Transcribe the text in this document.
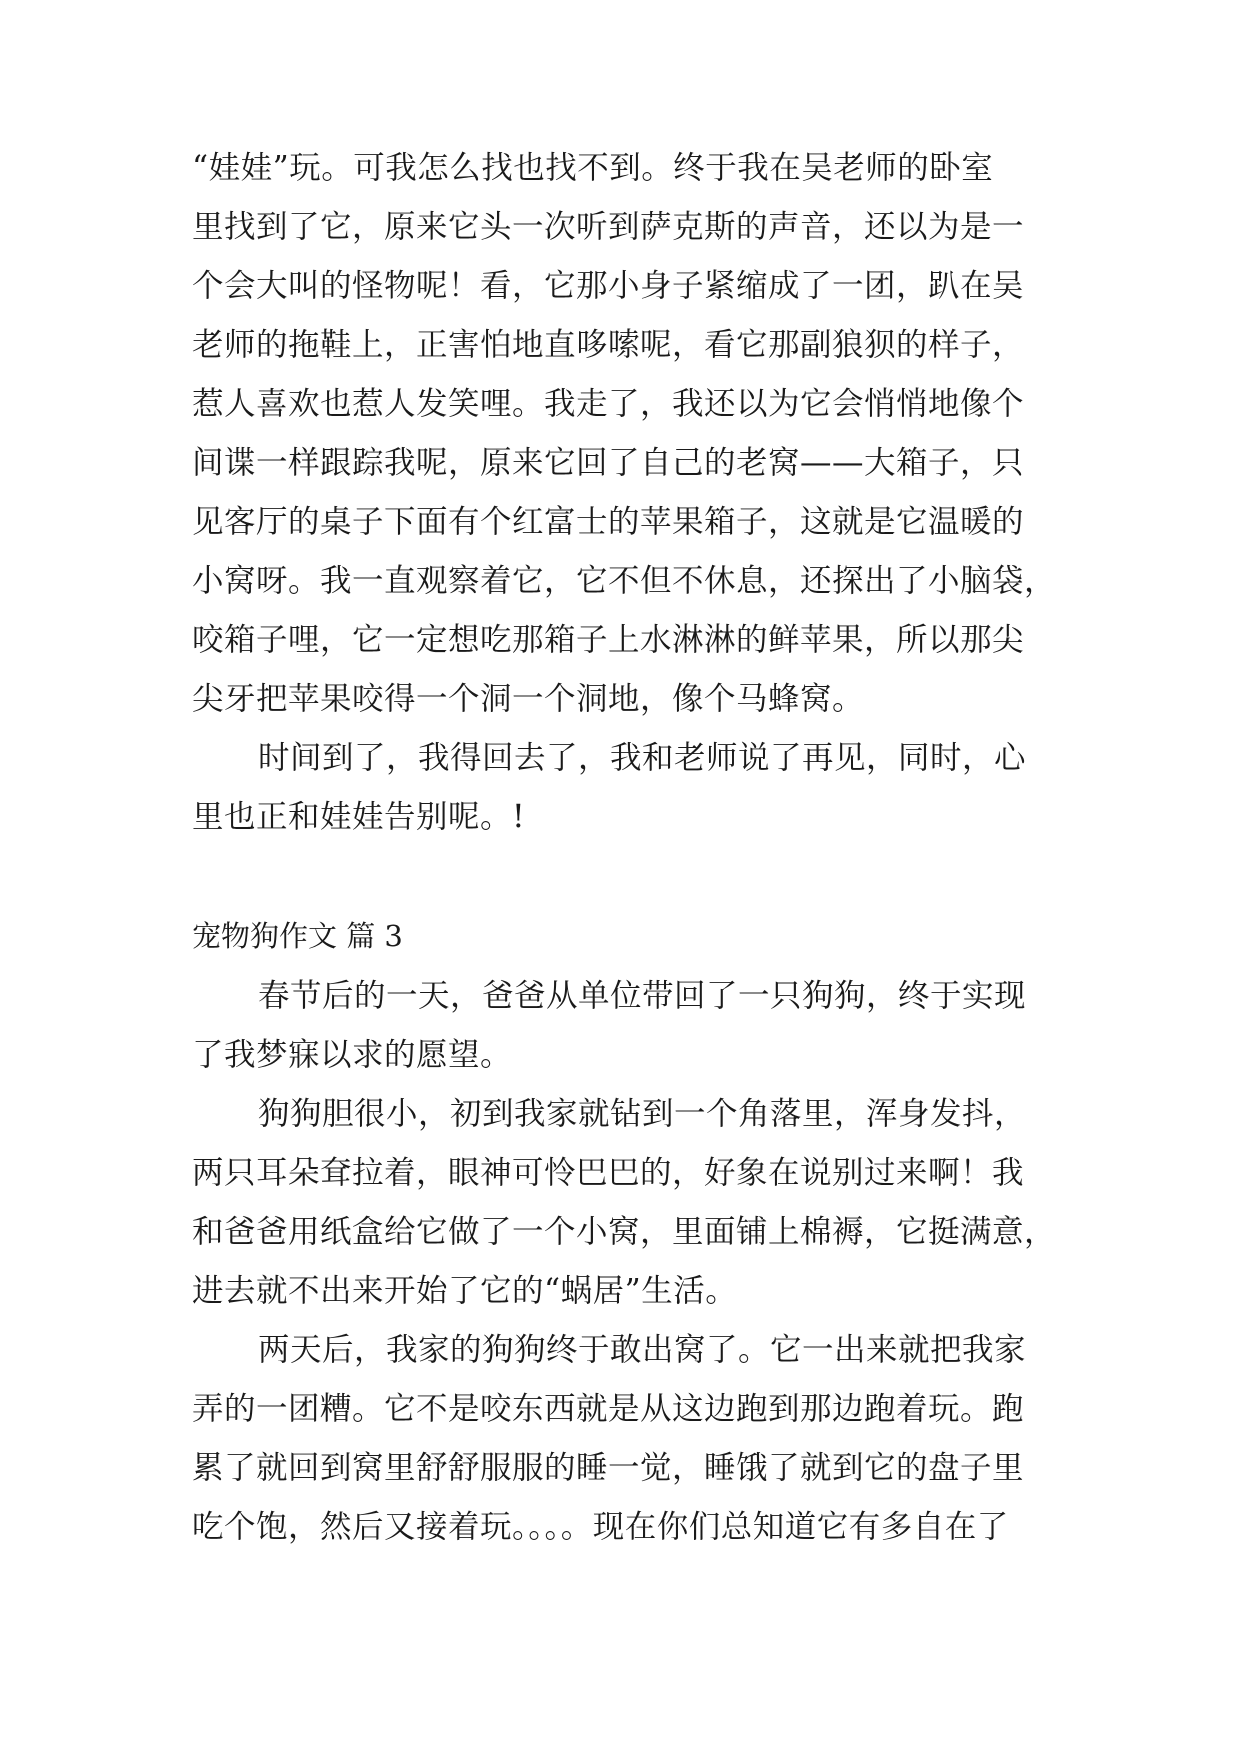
“娃娃”玩。可我怎么找也找不到。终于我在吴老师的卧室
里找到了它，原来它头一次听到萨克斯的声音，还以为是一
个会大叫的怪物呢！看，它那小身子紧缩成了一团，趴在吴
老师的拖鞋上，正害怕地直哆嗦呢，看它那副狼狈的样子，
惹人喜欢也惹人发笑哩。我走了，我还以为它会悄悄地像个
间谍一样跟踪我呢，原来它回了自己的老窝——大箱子，只
见客厅的桌子下面有个红富士的苹果箱子，这就是它温暖的
小窝呀。我一直观察着它，它不但不休息，还探出了小脑袋，
咬箱子哩，它一定想吃那箱子上水淋淋的鲜苹果，所以那尖
尖牙把苹果咬得一个洞一个洞地，像个马蜂窝。
时间到了，我得回去了，我和老师说了再见，同时，心
里也正和娃娃告别呢。!
宠物狗作文 篇 3
春节后的一天，爸爸从单位带回了一只狗狗，终于实现
了我梦寐以求的愿望。
狗狗胆很小，初到我家就钻到一个角落里，浑身发抖，
两只耳朵耷拉着，眼神可怜巴巴的，好象在说别过来啊！我
和爸爸用纸盒给它做了一个小窝，里面铺上棉褥，它挺满意，
进去就不出来开始了它的“蜗居”生活。
两天后，我家的狗狗终于敢出窝了。它一出来就把我家
弄的一团糟。它不是咬东西就是从这边跑到那边跑着玩。跑
累了就回到窝里舒舒服服的睡一觉，睡饿了就到它的盘子里
吃个饱，然后又接着玩。。。。现在你们总知道它有多自在了
